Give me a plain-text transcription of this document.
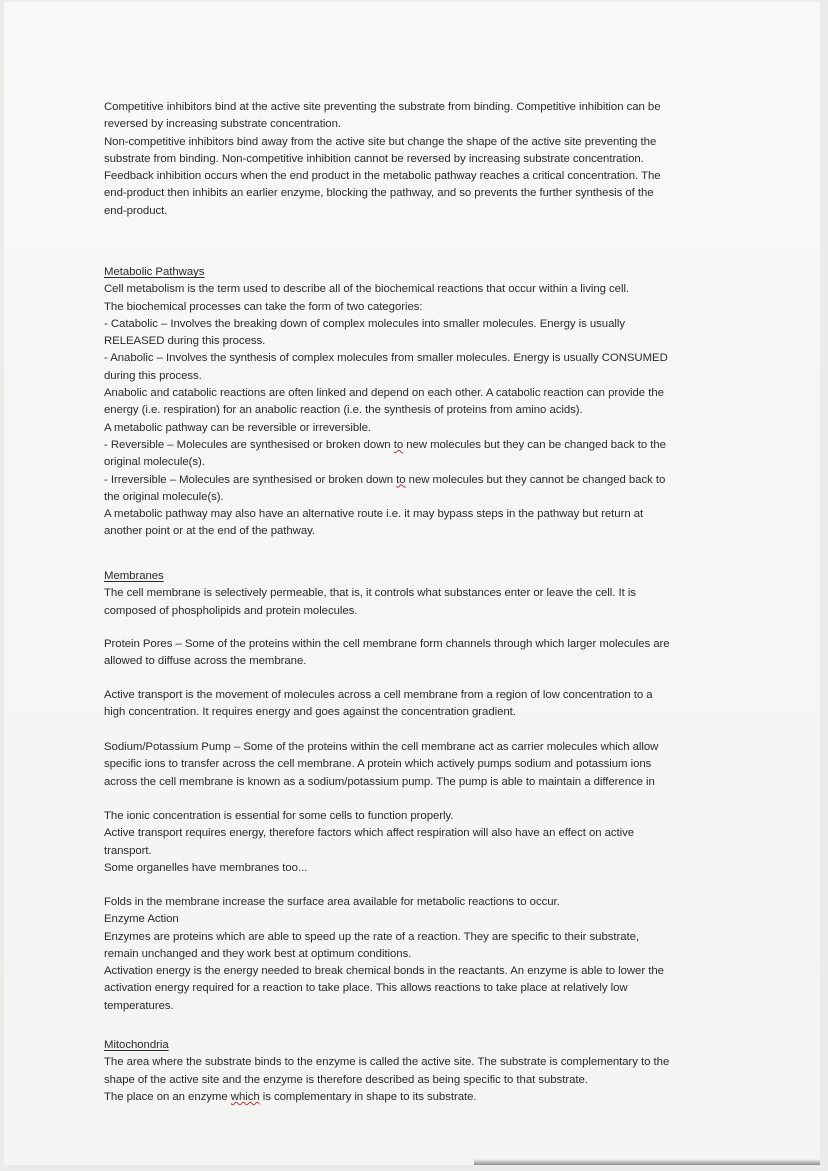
Competitive inhibitors bind at the active site preventing the substrate from binding. Competitive inhibition can be

reversed by increasing substrate concentration.

Non-competitive inhibitors bind away from the active site but change the shape of the active site preventing the

substrate from binding. Non-competitive inhibition cannot be reversed by increasing substrate concentration.

Feedback inhibition occurs when the end product in the metabolic pathway reaches a critical concentration. The

end-product then inhibits an earlier enzyme, blocking the pathway, and so prevents the further synthesis of the

end-product.

Metabolic Pathways

Cell metabolism is the term used to describe all of the biochemical reactions that occur within a living cell.

The biochemical processes can take the form of two categories:

- Catabolic – Involves the breaking down of complex molecules into smaller molecules. Energy is usually

RELEASED during this process.

- Anabolic – Involves the synthesis of complex molecules from smaller molecules. Energy is usually CONSUMED

during this process.

Anabolic and catabolic reactions are often linked and depend on each other. A catabolic reaction can provide the

energy (i.e. respiration) for an anabolic reaction (i.e. the synthesis of proteins from amino acids).

A metabolic pathway can be reversible or irreversible.

- Reversible – Molecules are synthesised or broken down to new molecules but they can be changed back to the

original molecule(s).

- Irreversible – Molecules are synthesised or broken down to new molecules but they cannot be changed back to

the original molecule(s).

A metabolic pathway may also have an alternative route i.e. it may bypass steps in the pathway but return at

another point or at the end of the pathway.

Membranes

The cell membrane is selectively permeable, that is, it controls what substances enter or leave the cell. It is

composed of phospholipids and protein molecules.

Protein Pores – Some of the proteins within the cell membrane form channels through which larger molecules are

allowed to diffuse across the membrane.

Active transport is the movement of molecules across a cell membrane from a region of low concentration to a

high concentration. It requires energy and goes against the concentration gradient.

Sodium/Potassium Pump – Some of the proteins within the cell membrane act as carrier molecules which allow

specific ions to transfer across the cell membrane. A protein which actively pumps sodium and potassium ions

across the cell membrane is known as a sodium/potassium pump. The pump is able to maintain a difference in

The ionic concentration is essential for some cells to function properly.

Active transport requires energy, therefore factors which affect respiration will also have an effect on active

transport.

Some organelles have membranes too...

Folds in the membrane increase the surface area available for metabolic reactions to occur.

Enzyme Action

Enzymes are proteins which are able to speed up the rate of a reaction. They are specific to their substrate,

remain unchanged and they work best at optimum conditions.

Activation energy is the energy needed to break chemical bonds in the reactants. An enzyme is able to lower the

activation energy required for a reaction to take place. This allows reactions to take place at relatively low

temperatures.

Mitochondria

The area where the substrate binds to the enzyme is called the active site. The substrate is complementary to the

shape of the active site and the enzyme is therefore described as being specific to that substrate.

The place on an enzyme which is complementary in shape to its substrate.
